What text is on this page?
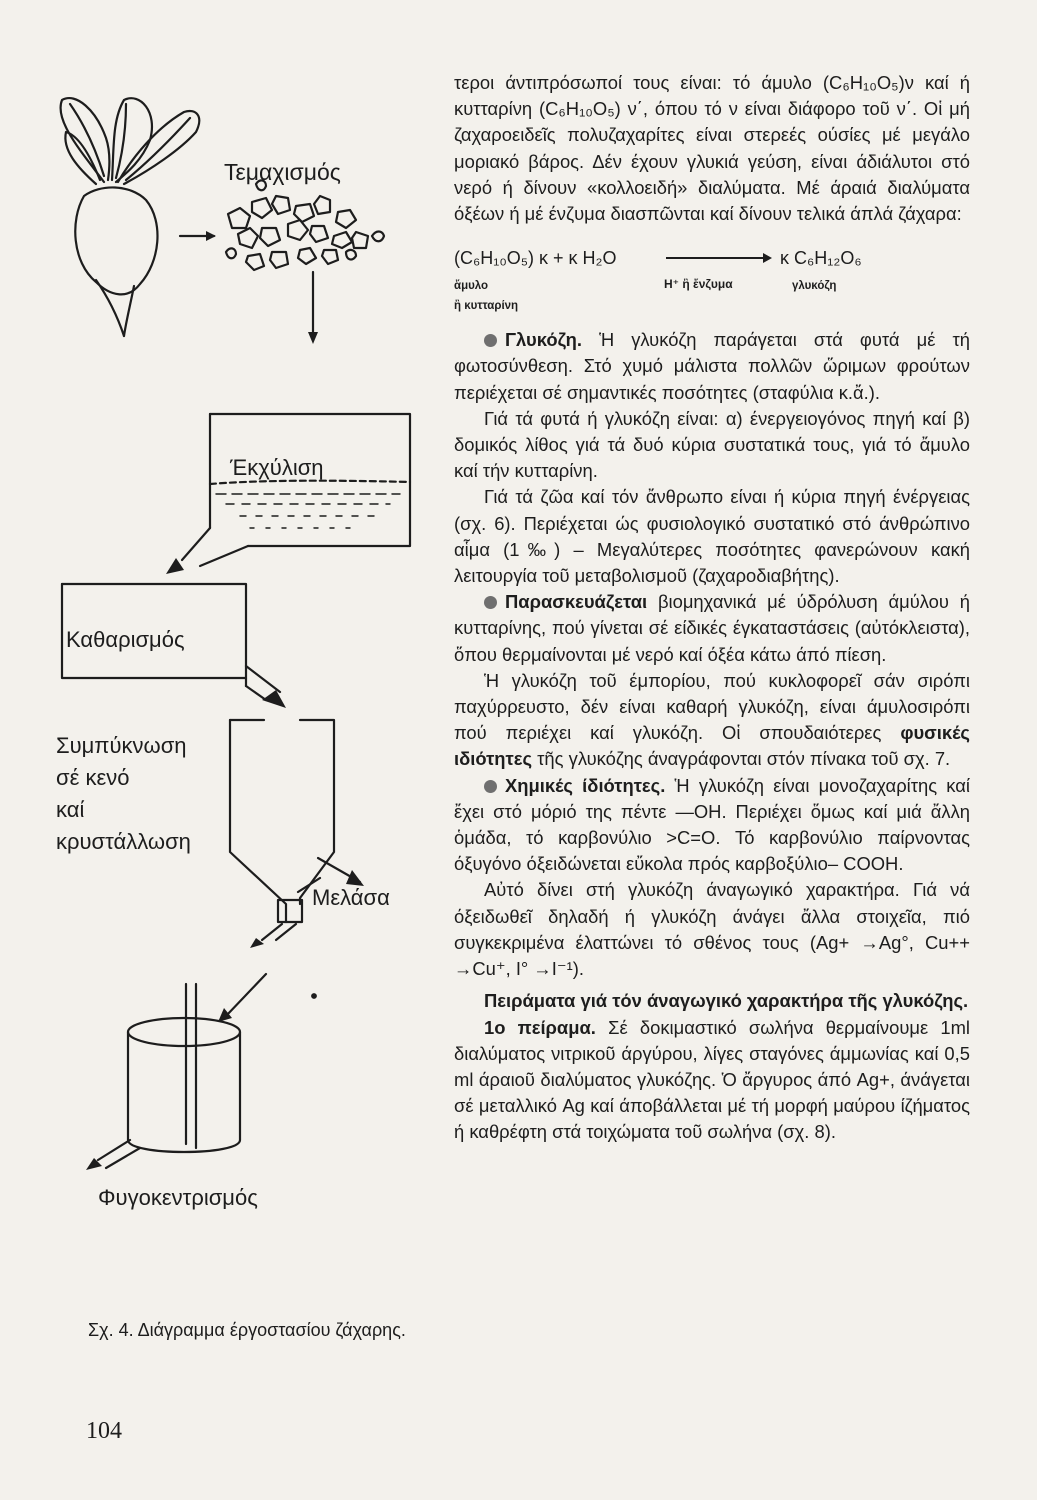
Τεμαχισμός
Έκχύλιση
Καθαρισμός
Συμπύκνωση
σέ κενό
καί
κρυστάλλωση
Μελάσα
Φυγοκεντρισμός
Σχ. 4. Διάγραμμα έργοστασίου ζάχαρης.
104

τεροι άντιπρόσωποί τους είναι: τό άμυλο (C₆H₁₀O₅)ν καί ή κυτταρίνη (C₆H₁₀O₅) ν΄, όπου τό ν είναι διάφορο τοῦ ν΄. Οἱ μή ζαχαροειδεῖς πολυζαχαρίτες είναι στερεές ούσίες μέ μεγάλο μοριακό βάρος. Δέν έχουν γλυκιά γεύση, είναι άδιάλυτοι στό νερό ή δίνουν «κολλοειδή» διαλύματα. Μέ άραιά διαλύματα όξέων ή μέ ένζυμα διασπῶνται καί δίνουν τελικά άπλά ζάχαρα:

(C₆H₁₀O₅) κ + κ H₂O	κ C₆H₁₂O₆
ἄμυλο
ἢ κυτταρίνη
H⁺ ἢ ἔνζυμα	γλυκόζη

Γλυκόζη. Ἡ γλυκόζη παράγεται στά φυτά μέ τή φωτοσύνθεση. Στό χυμό μάλιστα πολλῶν ὥριμων φρούτων περιέχεται σέ σημαντικές ποσότητες (σταφύλια κ.ἄ.).

Γιά τά φυτά ή γλυκόζη είναι: α) ένεργειογόνος πηγή καί β) δομικός λίθος γιά τά δυό κύρια συστατικά τους, γιά τό ἄμυλο καί τήν κυτταρίνη.

Γιά τά ζῶα καί τόν ἄνθρωπο είναι ή κύρια πηγή ένέργειας (σχ. 6). Περιέχεται ώς φυσιολογικό συστατικό στό άνθρώπινο αἷμα (1‰) – Μεγαλύτερες ποσότητες φανερώνουν κακή λειτουργία τοῦ μεταβολισμοῦ (ζαχαροδιαβήτης).

Παρασκευάζεται βιομηχανικά μέ ύδρόλυση άμύλου ή κυτταρίνης, πού γίνεται σέ είδικές έγκαταστάσεις (αὐτόκλειστα), ὅπου θερμαίνονται μέ νερό καί όξέα κάτω άπό πίεση.

Ἡ γλυκόζη τοῦ έμπορίου, πού κυκλοφορεῖ σάν σιρόπι παχύρρευστο, δέν είναι καθαρή γλυκόζη, είναι άμυλοσιρόπι πού περιέχει καί γλυκόζη. Οἱ σπουδαιότερες φυσικές ιδιότητες τῆς γλυκόζης άναγράφονται στόν πίνακα τοῦ σχ. 7.

Χημικές ίδιότητες. Ἡ γλυκόζη είναι μονοζαχαρίτης καί ἔχει στό μόριό της πέντε —OH. Περιέχει ὅμως καί μιά ἄλλη ὁμάδα, τό καρβονύλιο >C=O. Τό καρβονύλιο παίρνοντας όξυγόνο όξειδώνεται εὔκολα πρός καρβοξύλιο– COOH.

Αὐτό δίνει στή γλυκόζη άναγωγικό χαρακτήρα. Γιά νά όξειδωθεῖ δηλαδή ή γλυκόζη άνάγει ἄλλα στοιχεῖα, πιό συγκεκριμένα έλαττώνει τό σθένος τους (Ag+ →Ag°, Cu++ →Cu⁺, I° →I⁻¹).

Πειράματα γιά τόν άναγωγικό χαρακτήρα τῆς γλυκόζης.

1ο πείραμα. Σέ δοκιμαστικό σωλήνα θερμαίνουμε 1ml διαλύματος νιτρικοῦ άργύρου, λίγες σταγόνες άμμωνίας καί 0,5 ml άραιοῦ διαλύματος γλυκόζης. Ὁ ἄργυρος άπό Ag+, άνάγεται σέ μεταλλικό Ag καί άποβάλλεται μέ τή μορφή μαύρου ίζήματος ή καθρέφτη στά τοιχώματα τοῦ σωλήνα (σχ. 8).
